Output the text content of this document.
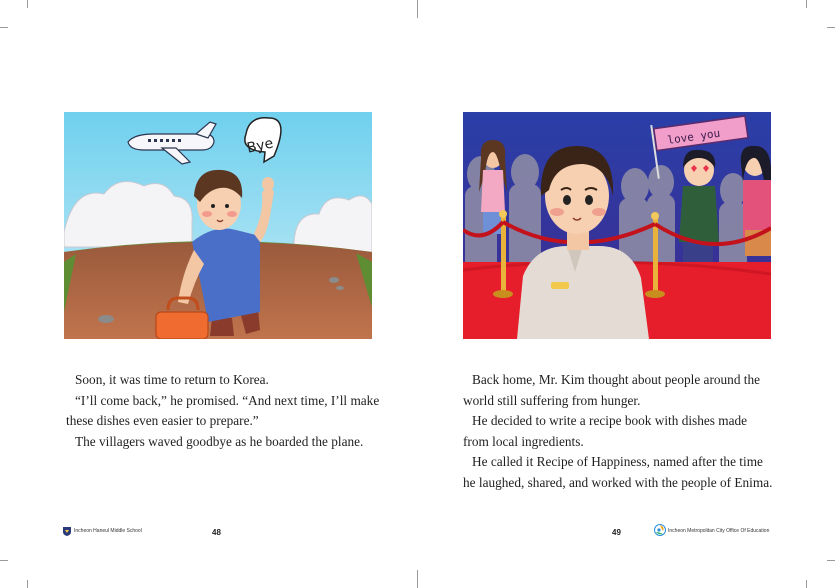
Bye	love you

Soon, it was time to return to Korea.

“I’ll come back,” he promised. “And next time, I’ll make these dishes even easier to prepare.”

The villagers waved goodbye as he boarded the plane.

Back home, Mr. Kim thought about people around the world still suffering from hunger.

He decided to write a recipe book with dishes made from local ingredients.

He called it Recipe of Happiness, named after the time he laughed, shared, and worked with the people of Enima.

Incheon Haneul Middle School	48	49	Incheon Metropolitan City Office Of Education
